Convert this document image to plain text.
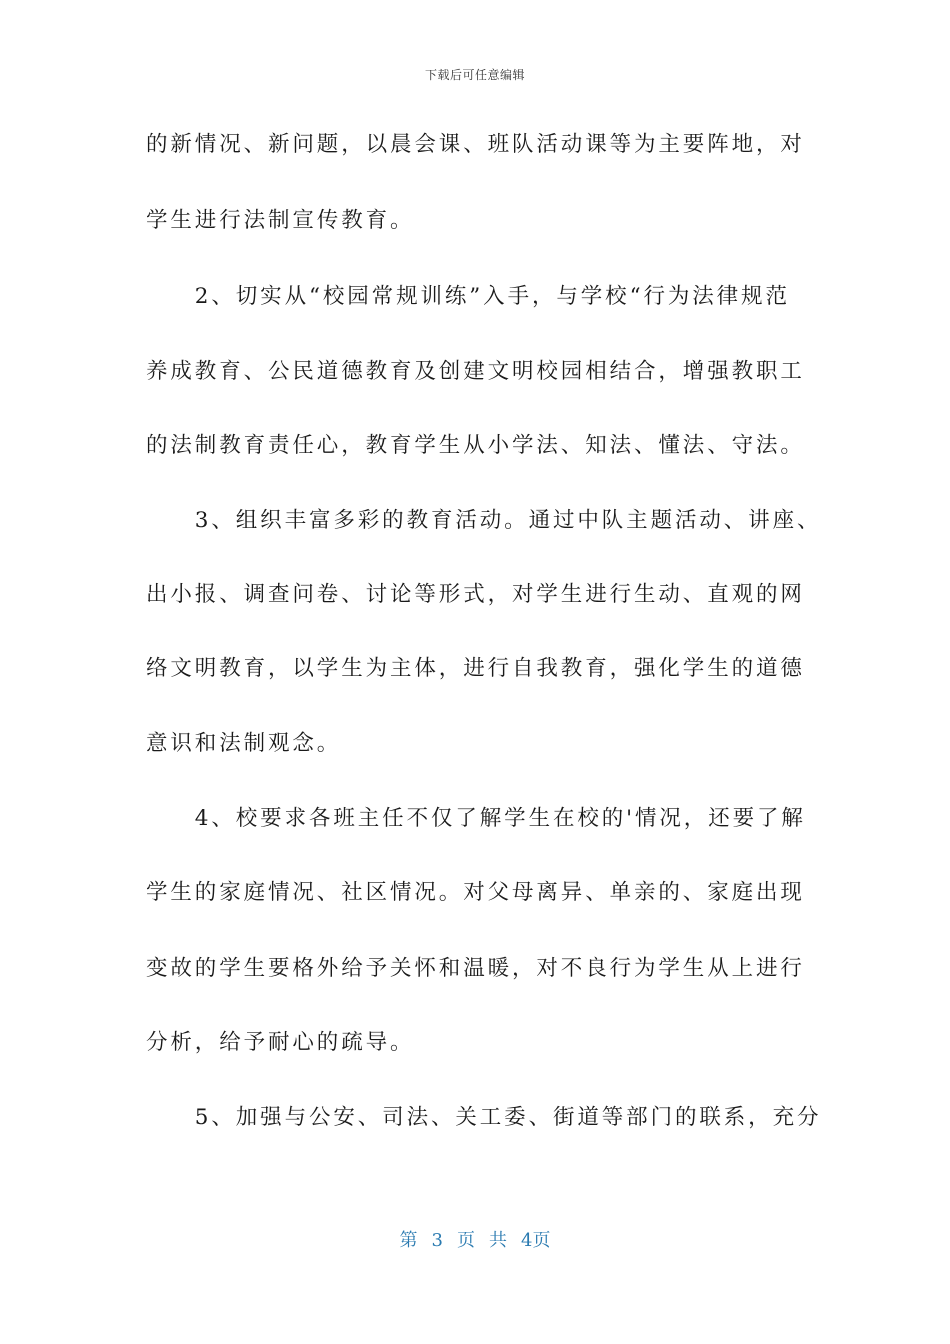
下载后可任意编辑
的新情况、新问题，以晨会课、班队活动课等为主要阵地，对
学生进行法制宣传教育。
　　2、切实从“校园常规训练”入手，与学校“行为法律规范
养成教育、公民道德教育及创建文明校园相结合，增强教职工
的法制教育责任心，教育学生从小学法、知法、懂法、守法。
　　3、组织丰富多彩的教育活动。通过中队主题活动、讲座、
出小报、调查问卷、讨论等形式，对学生进行生动、直观的网
络文明教育，以学生为主体，进行自我教育，强化学生的道德
意识和法制观念。
　　4、校要求各班主任不仅了解学生在校的'情况，还要了解
学生的家庭情况、社区情况。对父母离异、单亲的、家庭出现
变故的学生要格外给予关怀和温暖，对不良行为学生从上进行
分析，给予耐心的疏导。
　　5、加强与公安、司法、关工委、街道等部门的联系，充分
第 3 页 共 4页
